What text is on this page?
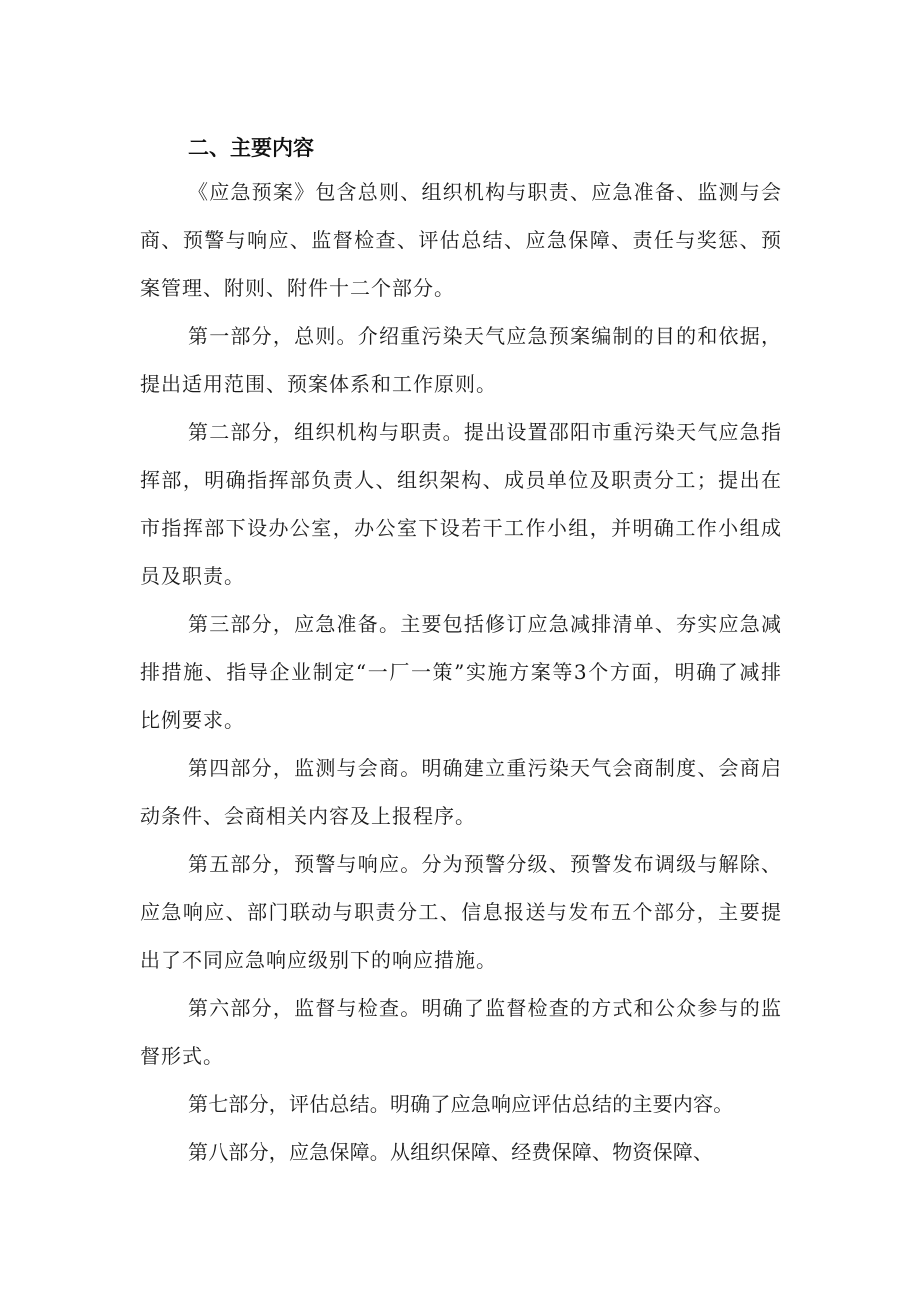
二、主要内容

《应急预案》包含总则、组织机构与职责、应急准备、监测与会商、预警与响应、监督检查、评估总结、应急保障、责任与奖惩、预案管理、附则、附件十二个部分。

第一部分，总则。介绍重污染天气应急预案编制的目的和依据，提出适用范围、预案体系和工作原则。

第二部分，组织机构与职责。提出设置邵阳市重污染天气应急指挥部，明确指挥部负责人、组织架构、成员单位及职责分工；提出在市指挥部下设办公室，办公室下设若干工作小组，并明确工作小组成员及职责。

第三部分，应急准备。主要包括修订应急减排清单、夯实应急减排措施、指导企业制定“一厂一策”实施方案等3个方面，明确了减排比例要求。

第四部分，监测与会商。明确建立重污染天气会商制度、会商启动条件、会商相关内容及上报程序。

第五部分，预警与响应。分为预警分级、预警发布调级与解除、应急响应、部门联动与职责分工、信息报送与发布五个部分，主要提出了不同应急响应级别下的响应措施。

第六部分，监督与检查。明确了监督检查的方式和公众参与的监督形式。

第七部分，评估总结。明确了应急响应评估总结的主要内容。

第八部分，应急保障。从组织保障、经费保障、物资保障、
